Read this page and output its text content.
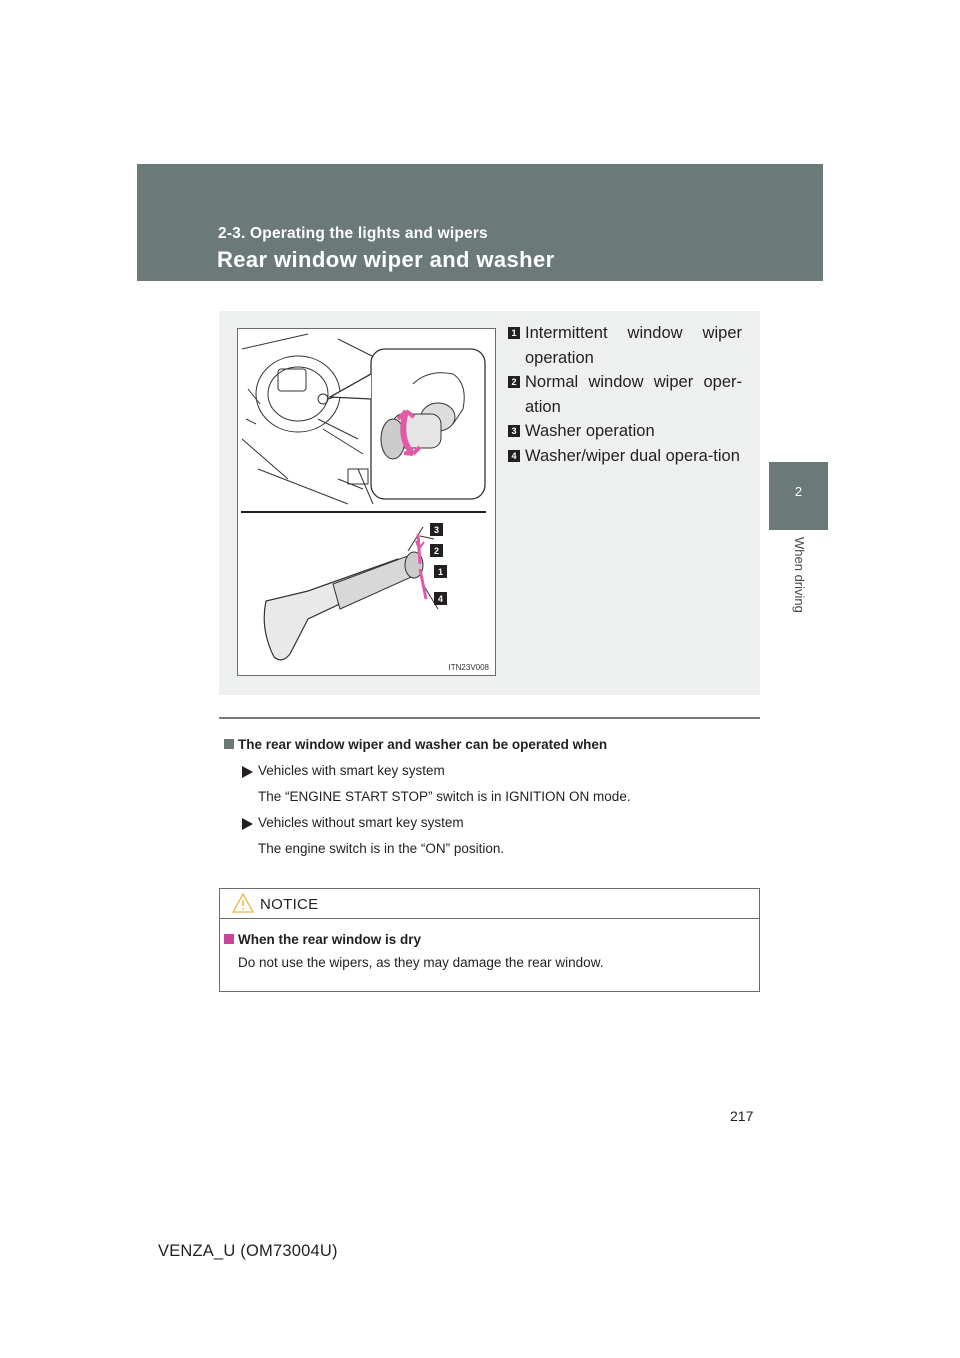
2-3. Operating the lights and wipers
Rear window wiper and washer
2
When driving
3
2
1
4
ITN23V008
1 Intermittent window wiper operation
2 Normal window wiper oper-ation
3 Washer operation
4 Washer/wiper dual opera-tion
The rear window wiper and washer can be operated when
Vehicles with smart key system
The “ENGINE START STOP” switch is in IGNITION ON mode.
Vehicles without smart key system
The engine switch is in the “ON” position.
NOTICE
When the rear window is dry
Do not use the wipers, as they may damage the rear window.
217
VENZA_U (OM73004U)
